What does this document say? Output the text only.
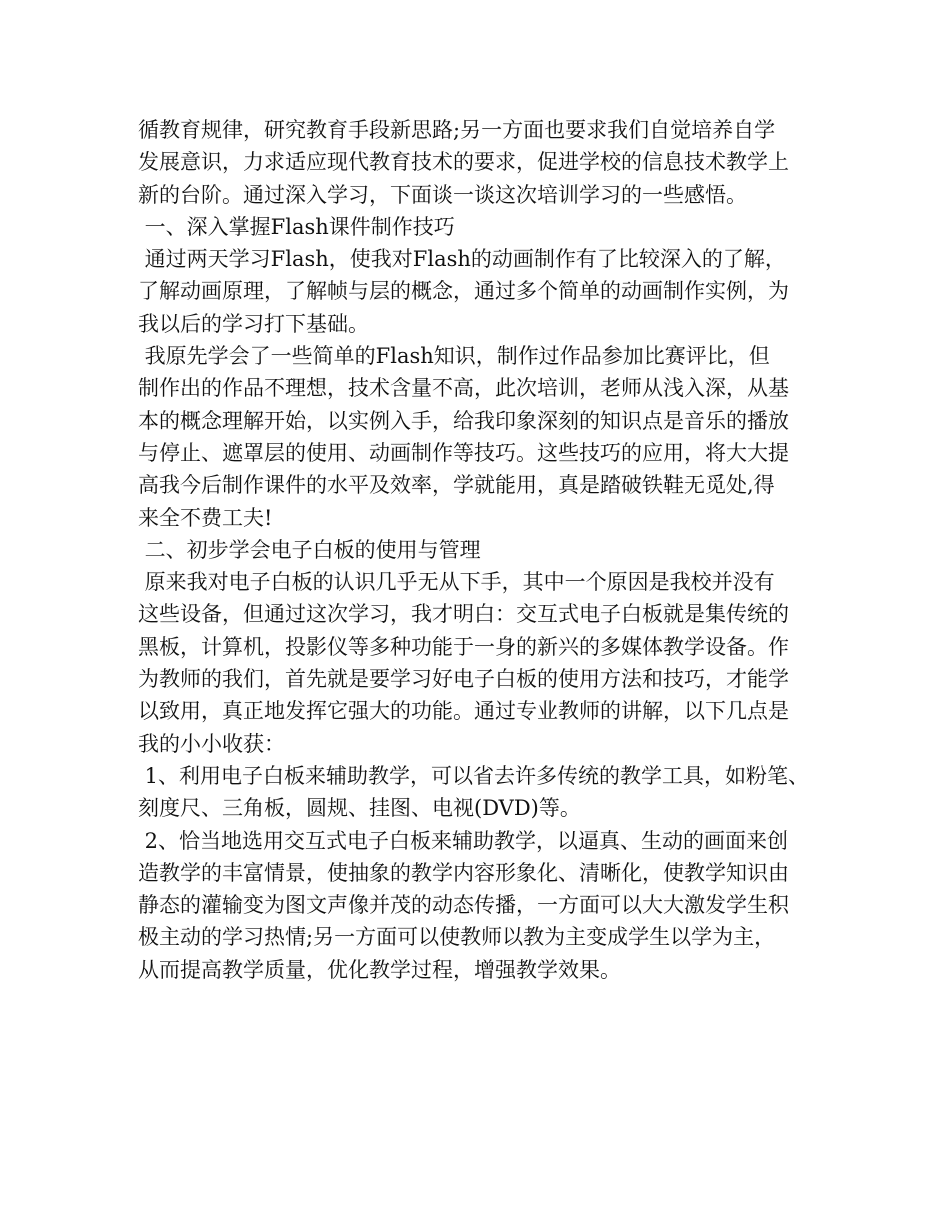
循教育规律，研究教育手段新思路;另一方面也要求我们自觉培养自学
发展意识，力求适应现代教育技术的要求，促进学校的信息技术教学上
新的台阶。通过深入学习，下面谈一谈这次培训学习的一些感悟。
一、深入掌握Flash课件制作技巧
通过两天学习Flash，使我对Flash的动画制作有了比较深入的了解，
了解动画原理，了解帧与层的概念，通过多个简单的动画制作实例，为
我以后的学习打下基础。
我原先学会了一些简单的Flash知识，制作过作品参加比赛评比，但
制作出的作品不理想，技术含量不高，此次培训，老师从浅入深，从基
本的概念理解开始，以实例入手，给我印象深刻的知识点是音乐的播放
与停止、遮罩层的使用、动画制作等技巧。这些技巧的应用，将大大提
高我今后制作课件的水平及效率，学就能用，真是踏破铁鞋无觅处,得
来全不费工夫!
二、初步学会电子白板的使用与管理
原来我对电子白板的认识几乎无从下手，其中一个原因是我校并没有
这些设备，但通过这次学习，我才明白：交互式电子白板就是集传统的
黑板，计算机，投影仪等多种功能于一身的新兴的多媒体教学设备。作
为教师的我们，首先就是要学习好电子白板的使用方法和技巧，才能学
以致用，真正地发挥它强大的功能。通过专业教师的讲解，以下几点是
我的小小收获：
1、利用电子白板来辅助教学，可以省去许多传统的教学工具，如粉笔、
刻度尺、三角板，圆规、挂图、电视(DVD)等。
2、恰当地选用交互式电子白板来辅助教学，以逼真、生动的画面来创
造教学的丰富情景，使抽象的教学内容形象化、清晰化，使教学知识由
静态的灌输变为图文声像并茂的动态传播，一方面可以大大激发学生积
极主动的学习热情;另一方面可以使教师以教为主变成学生以学为主，
从而提高教学质量，优化教学过程，增强教学效果。
